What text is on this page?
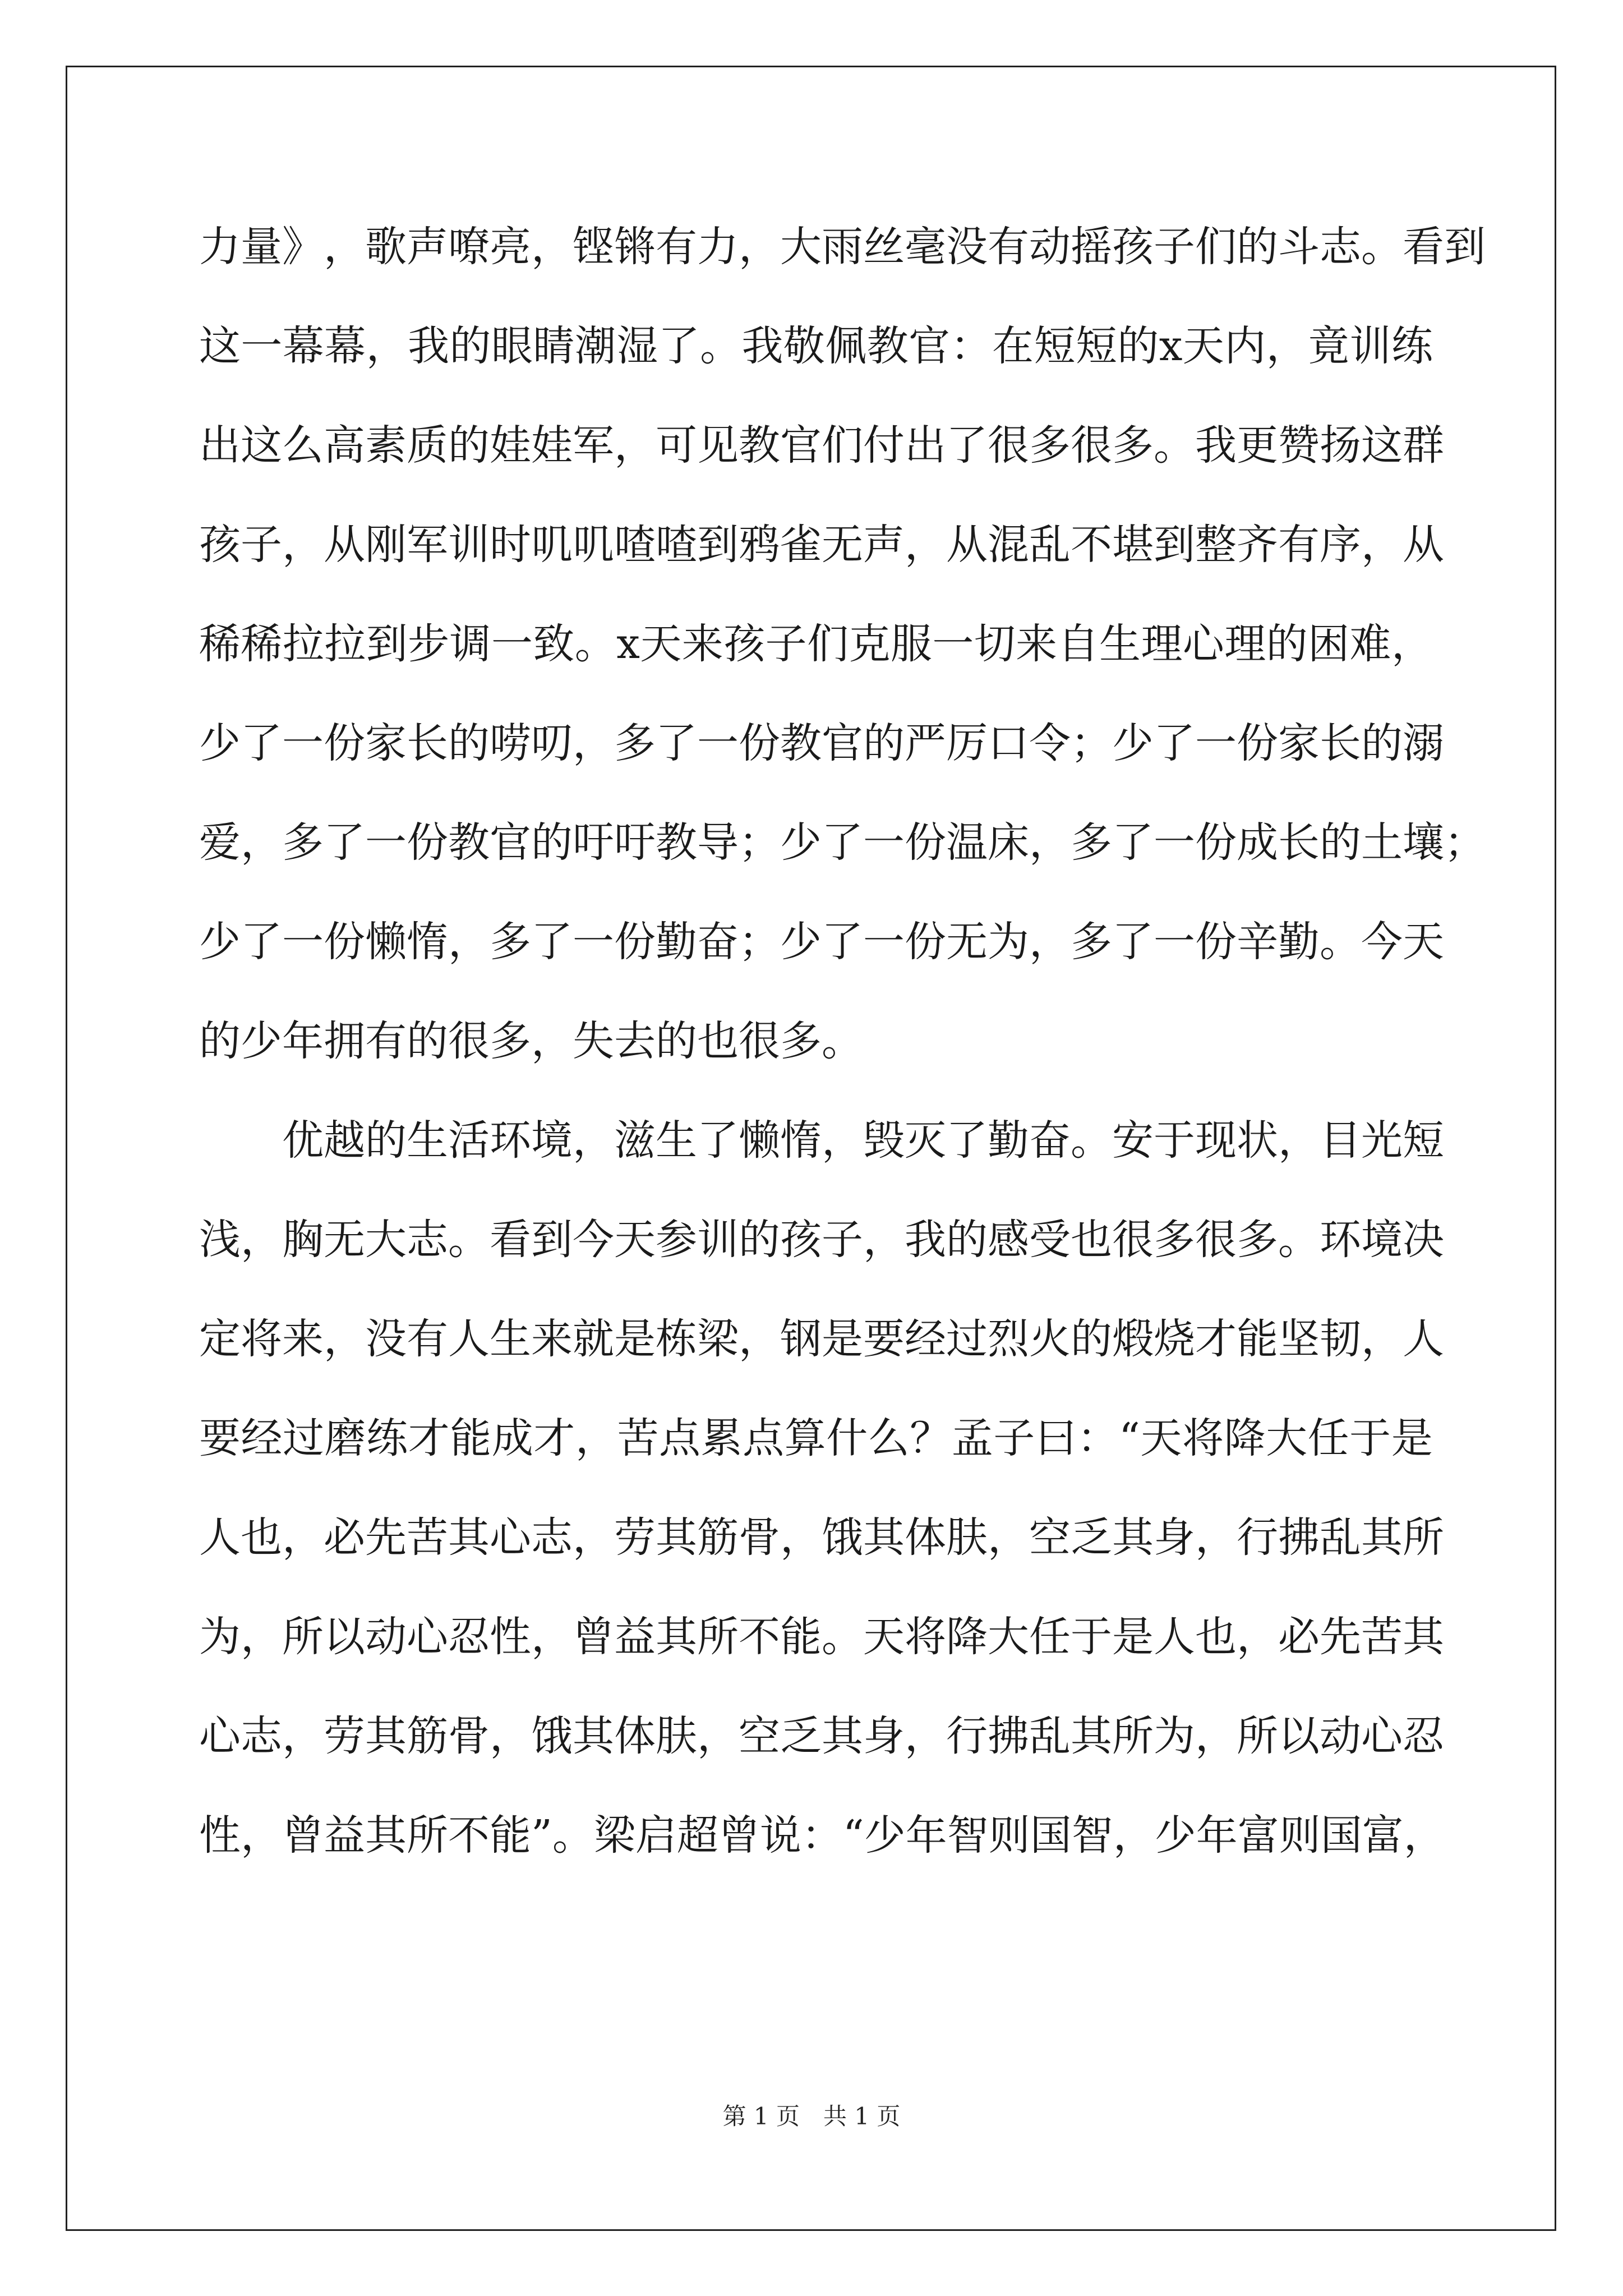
力 量 》 ， 歌 声 嘹 亮 ， 铿 锵 有 力 ， 大 雨 丝 毫 没 有 动 摇 孩 子 们 的 斗 志 。 看 到
这 一 幕 幕 ， 我 的 眼 睛 潮 湿 了 。 我 敬 佩 教 官 ： 在 短 短 的 x 天 内 ， 竟 训 练
出 这 么 高 素 质 的 娃 娃 军 ， 可 见 教 官 们 付 出 了 很 多 很 多 。 我 更 赞 扬 这 群
孩 子 ， 从 刚 军 训 时 叽 叽 喳 喳 到 鸦 雀 无 声 ， 从 混 乱 不 堪 到 整 齐 有 序 ， 从
稀 稀 拉 拉 到 步 调 一 致 。 x 天 来 孩 子 们 克 服 一 切 来 自 生 理 心 理 的 困 难 ，
少 了 一 份 家 长 的 唠 叨 ， 多 了 一 份 教 官 的 严 厉 口 令 ； 少 了 一 份 家 长 的 溺
爱 ， 多 了 一 份 教 官 的 吁 吁 教 导 ； 少 了 一 份 温 床 ， 多 了 一 份 成 长 的 土 壤 ；
少 了 一 份 懒 惰 ， 多 了 一 份 勤 奋 ； 少 了 一 份 无 为 ， 多 了 一 份 辛 勤 。 今 天
的少年拥有的很多，失去的也很多。
优 越 的 生 活 环 境 ， 滋 生 了 懒 惰 ， 毁 灭 了 勤 奋 。 安 于 现 状 ， 目 光 短
浅 ， 胸 无 大 志 。 看 到 今 天 参 训 的 孩 子 ， 我 的 感 受 也 很 多 很 多 。 环 境 决
定 将 来 ， 没 有 人 生 来 就 是 栋 梁 ， 钢 是 要 经 过 烈 火 的 煅 烧 才 能 坚 韧 ， 人
要 经 过 磨 练 才 能 成 才 ， 苦 点 累 点 算 什 么 ？ 孟 子 曰 ： “ 天 将 降 大 任 于 是
人 也 ， 必 先 苦 其 心 志 ， 劳 其 筋 骨 ， 饿 其 体 肤 ， 空 乏 其 身 ， 行 拂 乱 其 所
为 ， 所 以 动 心 忍 性 ， 曾 益 其 所 不 能 。 天 将 降 大 任 于 是 人 也 ， 必 先 苦 其
心 志 ， 劳 其 筋 骨 ， 饿 其 体 肤 ， 空 乏 其 身 ， 行 拂 乱 其 所 为 ， 所 以 动 心 忍
性 ， 曾 益 其 所 不 能 ” 。 梁 启 超 曾 说 ： “ 少 年 智 则 国 智 ， 少 年 富 则 国 富 ，
第 1 页　共 1 页
